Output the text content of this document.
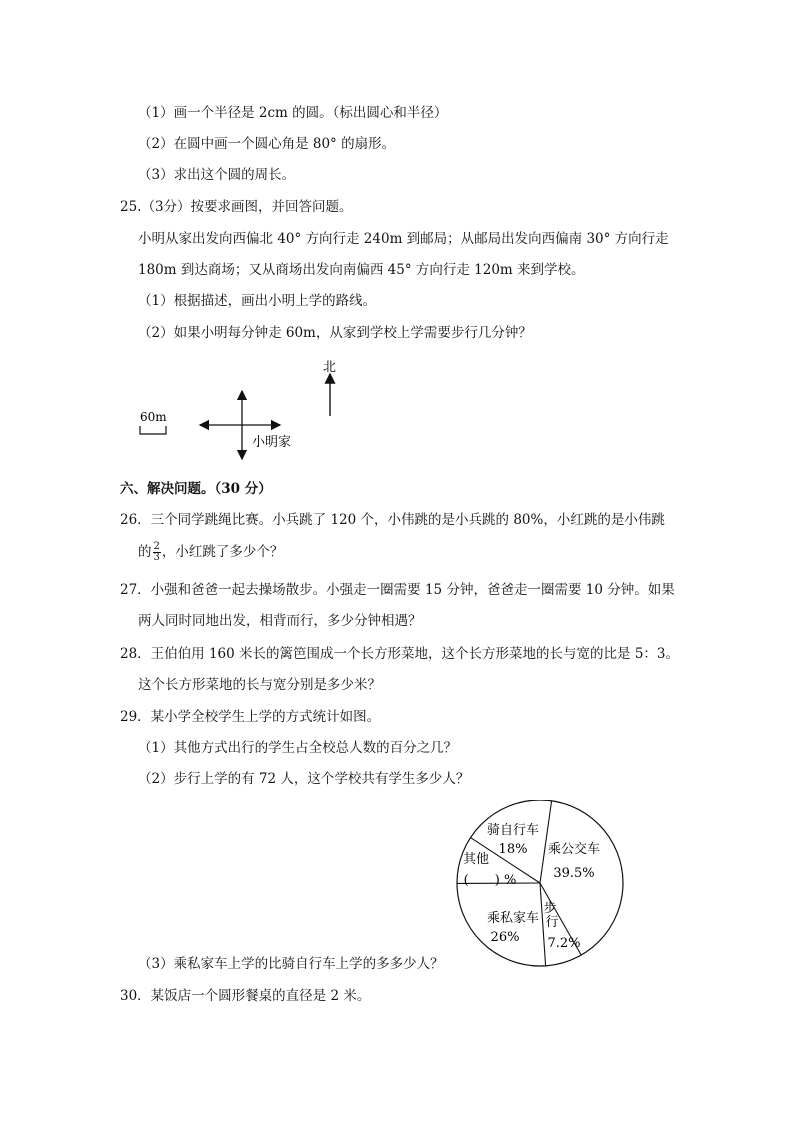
（1）画一个半径是 2cm 的圆。（标出圆心和半径）
（2）在圆中画一个圆心角是 80° 的扇形。
（3）求出这个圆的周长。
25.（3分）按要求画图，并回答问题。
小明从家出发向西偏北 40° 方向行走 240m 到邮局；从邮局出发向西偏南 30° 方向行走
180m 到达商场；又从商场出发向南偏西 45° 方向行走 120m 来到学校。
（1）根据描述，画出小明上学的路线。
（2）如果小明每分钟走 60m，从家到学校上学需要步行几分钟？
北
60m
小明家
六、解决问题。（30 分）
26．三个同学跳绳比赛。小兵跳了 120 个，小伟跳的是小兵跳的 80%，小红跳的是小伟跳
的 $\frac{2}{3}$ ，小红跳了多少个？
27．小强和爸爸一起去操场散步。小强走一圈需要 15 分钟，爸爸走一圈需要 10 分钟。如果
两人同时同地出发，相背而行，多少分钟相遇？
28．王伯伯用 160 米长的篱笆围成一个长方形菜地，这个长方形菜地的长与宽的比是 5：3。
这个长方形菜地的长与宽分别是多少米？
29．某小学全校学生上学的方式统计如图。
（1）其他方式出行的学生占全校总人数的百分之几？
（2）步行上学的有 72 人，这个学校共有学生多少人？
骑自行车
18% 乘公交车
39.5%
其他
(　　) %
乘私家车
26%
步
行
7.2%
（3）乘私家车上学的比骑自行车上学的多多少人？
30．某饭店一个圆形餐桌的直径是 2 米。
